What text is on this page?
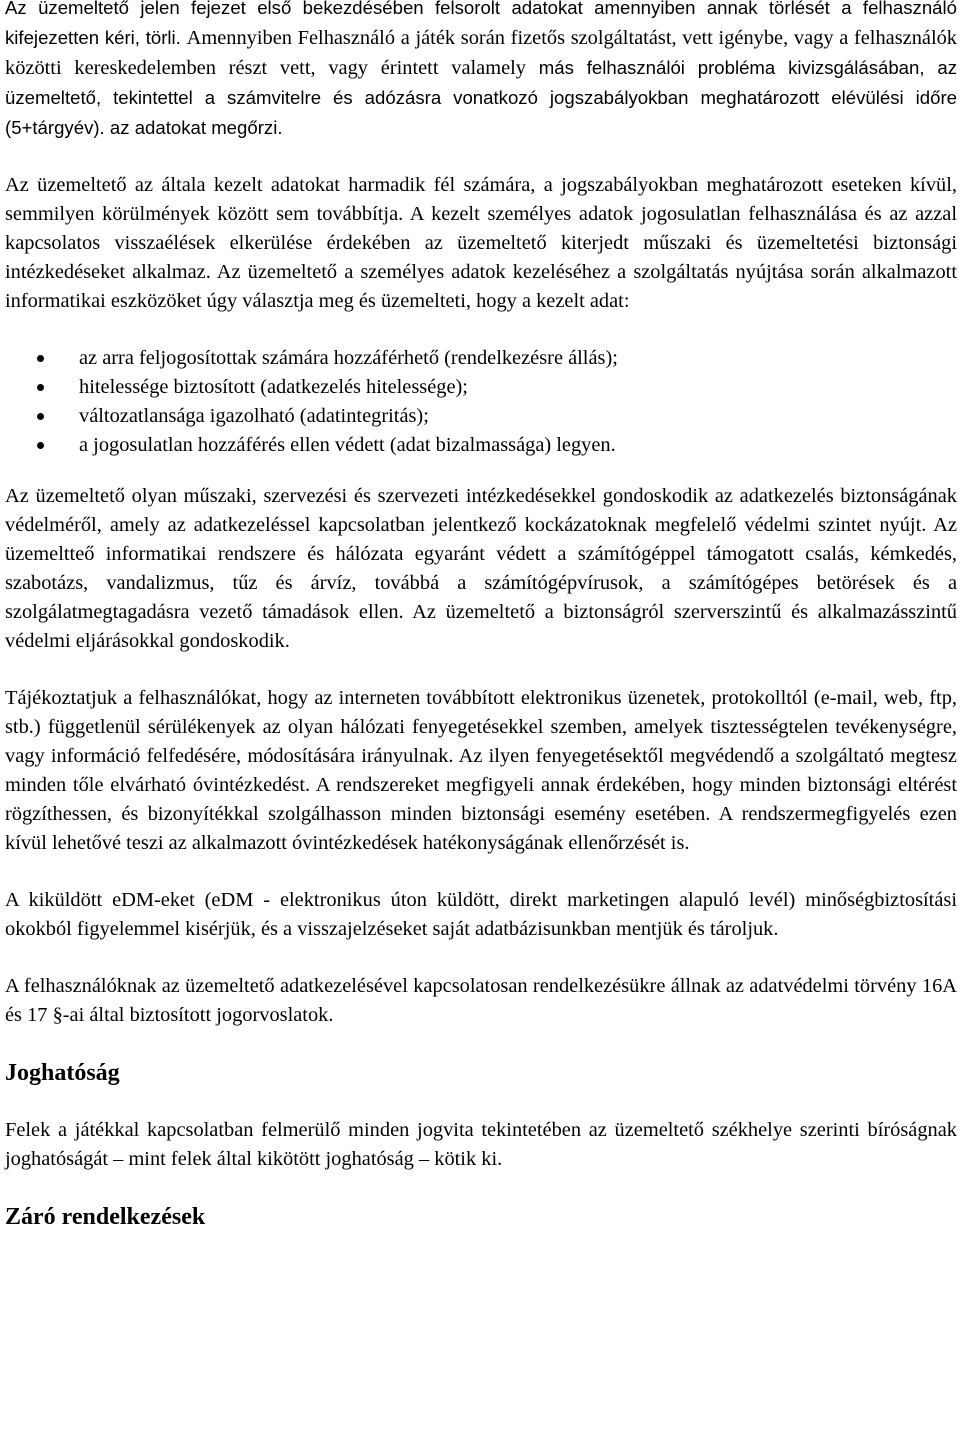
Az üzemeltető jelen fejezet első bekezdésében felsorolt adatokat amennyiben annak törlését a felhasználó kifejezetten kéri, törli. Amennyiben Felhasználó a játék során fizetős szolgáltatást, vett igénybe, vagy a felhasználók közötti kereskedelemben részt vett, vagy érintett valamely más felhasználói probléma kivizsgálásában, az üzemeltető, tekintettel a számvitelre és adózásra vonatkozó jogszabályokban meghatározott elévülési időre (5+tárgyév). az adatokat megőrzi.

Az üzemeltető az általa kezelt adatokat harmadik fél számára, a jogszabályokban meghatározott eseteken kívül, semmilyen körülmények között sem továbbítja. A kezelt személyes adatok jogosulatlan felhasználása és az azzal kapcsolatos visszaélések elkerülése érdekében az üzemeltető kiterjedt műszaki és üzemeltetési biztonsági intézkedéseket alkalmaz. Az üzemeltető a személyes adatok kezeléséhez a szolgáltatás nyújtása során alkalmazott informatikai eszközöket úgy választja meg és üzemelteti, hogy a kezelt adat:

az arra feljogosítottak számára hozzáférhető (rendelkezésre állás);
hitelessége biztosított (adatkezelés hitelessége);
változatlansága igazolható (adatintegritás);
a jogosulatlan hozzáférés ellen védett (adat bizalmassága) legyen.

Az üzemeltető olyan műszaki, szervezési és szervezeti intézkedésekkel gondoskodik az adatkezelés biztonságának védelméről, amely az adatkezeléssel kapcsolatban jelentkező kockázatoknak megfelelő védelmi szintet nyújt. Az üzemeltteő informatikai rendszere és hálózata egyaránt védett a számítógéppel támogatott csalás, kémkedés, szabotázs, vandalizmus, tűz és árvíz, továbbá a számítógépvírusok, a számítógépes betörések és a szolgálatmegtagadásra vezető támadások ellen. Az üzemeltető a biztonságról szerverszintű és alkalmazásszintű védelmi eljárásokkal gondoskodik.

Tájékoztatjuk a felhasználókat, hogy az interneten továbbított elektronikus üzenetek, protokolltól (e-mail, web, ftp, stb.) függetlenül sérülékenyek az olyan hálózati fenyegetésekkel szemben, amelyek tisztességtelen tevékenységre, vagy információ felfedésére, módosítására irányulnak. Az ilyen fenyegetésektől megvédendő a szolgáltató megtesz minden tőle elvárható óvintézkedést. A rendszereket megfigyeli annak érdekében, hogy minden biztonsági eltérést rögzíthessen, és bizonyítékkal szolgálhasson minden biztonsági esemény esetében. A rendszermegfigyelés ezen kívül lehetővé teszi az alkalmazott óvintézkedések hatékonyságának ellenőrzését is.

A kiküldött eDM-eket (eDM - elektronikus úton küldött, direkt marketingen alapuló levél) minőségbiztosítási okokból figyelemmel kisérjük, és a visszajelzéseket saját adatbázisunkban mentjük és tároljuk.

A felhasználóknak az üzemeltető adatkezelésével kapcsolatosan rendelkezésükre állnak az adatvédelmi törvény 16A és 17 §-ai által biztosított jogorvoslatok.

Joghatóság

Felek a játékkal kapcsolatban felmerülő minden jogvita tekintetében az üzemeltető székhelye szerinti bíróságnak joghatóságát – mint felek által kikötött joghatóság – kötik ki.

Záró rendelkezések
